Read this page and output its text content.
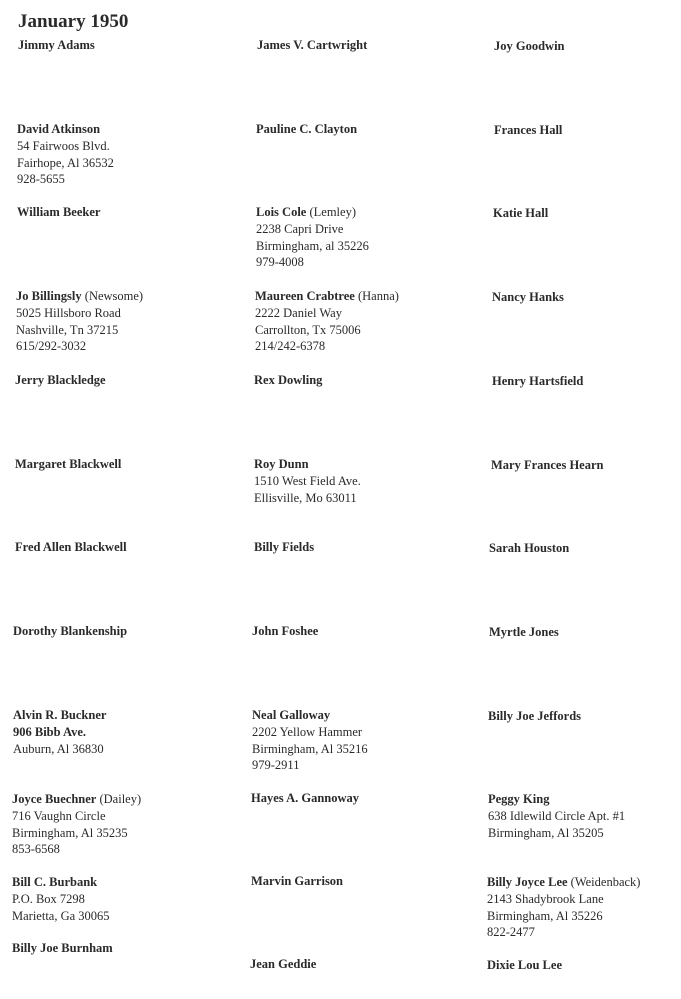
January 1950
Jimmy Adams
David Atkinson
54 Fairwoos Blvd.
Fairhope, Al 36532
928-5655
William Beeker
Jo Billingsly (Newsome)
5025 Hillsboro Road
Nashville, Tn 37215
615/292-3032
Jerry Blackledge
Margaret Blackwell
Fred Allen Blackwell
Dorothy Blankenship
Alvin R. Buckner
906 Bibb Ave.
Auburn, Al 36830
Joyce Buechner (Dailey)
716 Vaughn Circle
Birmingham, Al 35235
853-6568
Bill C. Burbank
P.O. Box 7298
Marietta, Ga 30065
Billy Joe Burnham
James V. Cartwright
Pauline C. Clayton
Lois Cole (Lemley)
2238 Capri Drive
Birmingham, al 35226
979-4008
Maureen Crabtree (Hanna)
2222 Daniel Way
Carrollton, Tx 75006
214/242-6378
Rex Dowling
Roy Dunn
1510 West Field Ave.
Ellisville, Mo 63011
Billy Fields
John Foshee
Neal Galloway
2202 Yellow Hammer
Birmingham, Al 35216
979-2911
Hayes A. Gannoway
Marvin Garrison
Jean Geddie
Joy Goodwin
Frances Hall
Katie Hall
Nancy Hanks
Henry Hartsfield
Mary Frances Hearn
Sarah Houston
Myrtle Jones
Billy Joe Jeffords
Peggy King
638 Idlewild Circle Apt. #1
Birmingham, Al 35205
Billy Joyce Lee (Weidenback)
2143 Shadybrook Lane
Birmingham, Al 35226
822-2477
Dixie Lou Lee
